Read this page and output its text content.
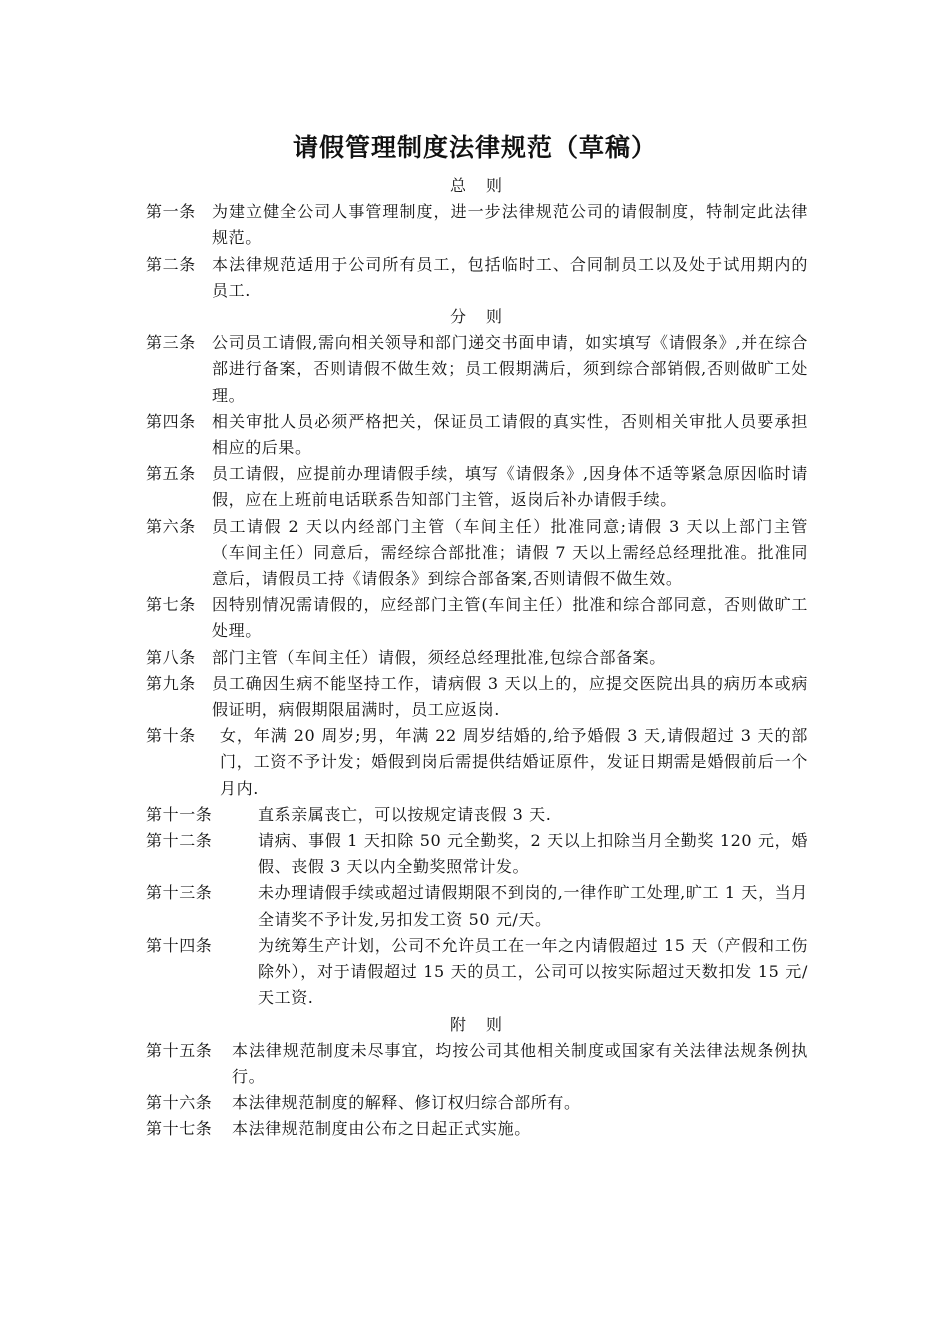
请假管理制度法律规范（草稿）
总　则
第一条	为建立健全公司人事管理制度，进一步法律规范公司的请假制度，特制定此法律规范。
第二条	本法律规范适用于公司所有员工，包括临时工、合同制员工以及处于试用期内的员工.
分　则
第三条	公司员工请假,需向相关领导和部门递交书面申请，如实填写《请假条》,并在综合部进行备案，否则请假不做生效；员工假期满后，须到综合部销假,否则做旷工处理。
第四条	相关审批人员必须严格把关，保证员工请假的真实性，否则相关审批人员要承担相应的后果。
第五条	员工请假，应提前办理请假手续，填写《请假条》,因身体不适等紧急原因临时请假，应在上班前电话联系告知部门主管，返岗后补办请假手续。
第六条	员工请假 2 天以内经部门主管（车间主任）批准同意;请假 3 天以上部门主管（车间主任）同意后，需经综合部批准；请假 7 天以上需经总经理批准。批准同意后，请假员工持《请假条》到综合部备案,否则请假不做生效。
第七条	因特别情况需请假的，应经部门主管(车间主任）批准和综合部同意，否则做旷工处理。
第八条	部门主管（车间主任）请假，须经总经理批准,包综合部备案。
第九条	员工确因生病不能坚持工作，请病假 3 天以上的，应提交医院出具的病历本或病假证明，病假期限届满时，员工应返岗.
第十条	女，年满 20 周岁;男，年满 22 周岁结婚的,给予婚假 3 天,请假超过 3 天的部门，工资不予计发；婚假到岗后需提供结婚证原件，发证日期需是婚假前后一个月内.
第十一条	直系亲属丧亡，可以按规定请丧假 3 天.
第十二条	请病、事假 1 天扣除 50 元全勤奖，2 天以上扣除当月全勤奖 120 元，婚假、丧假 3 天以内全勤奖照常计发。
第十三条	未办理请假手续或超过请假期限不到岗的,一律作旷工处理,旷工 1 天，当月全请奖不予计发,另扣发工资 50 元/天。
第十四条	为统筹生产计划，公司不允许员工在一年之内请假超过 15 天（产假和工伤除外），对于请假超过 15 天的员工，公司可以按实际超过天数扣发 15 元/天工资.
附　则
第十五条	本法律规范制度未尽事宜，均按公司其他相关制度或国家有关法律法规条例执行。
第十六条	本法律规范制度的解释、修订权归综合部所有。
第十七条	本法律规范制度由公布之日起正式实施。
